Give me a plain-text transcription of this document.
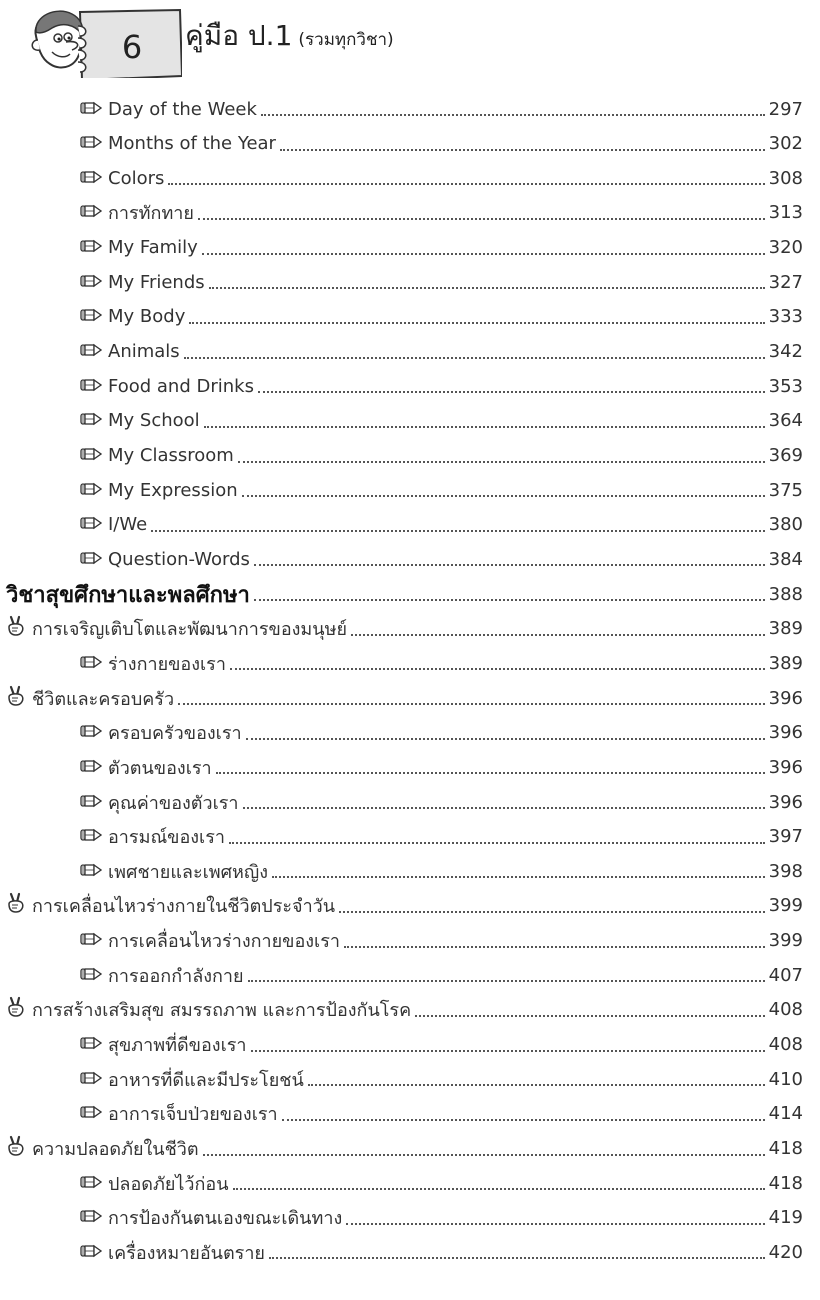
6 คู่มือ ป.1 (รวมทุกวิชา)
Day of the Week	297
Months of the Year	302
Colors	308
การทักทาย	313
My Family	320
My Friends	327
My Body	333
Animals	342
Food and Drinks	353
My School	364
My Classroom	369
My Expression	375
I/We	380
Question-Words	384
วิชาสุขศึกษาและพลศึกษา	388
การเจริญเติบโตและพัฒนาการของมนุษย์	389
ร่างกายของเรา	389
ชีวิตและครอบครัว	396
ครอบครัวของเรา	396
ตัวตนของเรา	396
คุณค่าของตัวเรา	396
อารมณ์ของเรา	397
เพศชายและเพศหญิง	398
การเคลื่อนไหวร่างกายในชีวิตประจำวัน	399
การเคลื่อนไหวร่างกายของเรา	399
การออกกำลังกาย	407
การสร้างเสริมสุข สมรรถภาพ และการป้องกันโรค	408
สุขภาพที่ดีของเรา	408
อาหารที่ดีและมีประโยชน์	410
อาการเจ็บป่วยของเรา	414
ความปลอดภัยในชีวิต	418
ปลอดภัยไว้ก่อน	418
การป้องกันตนเองขณะเดินทาง	419
เครื่องหมายอันตราย	420
